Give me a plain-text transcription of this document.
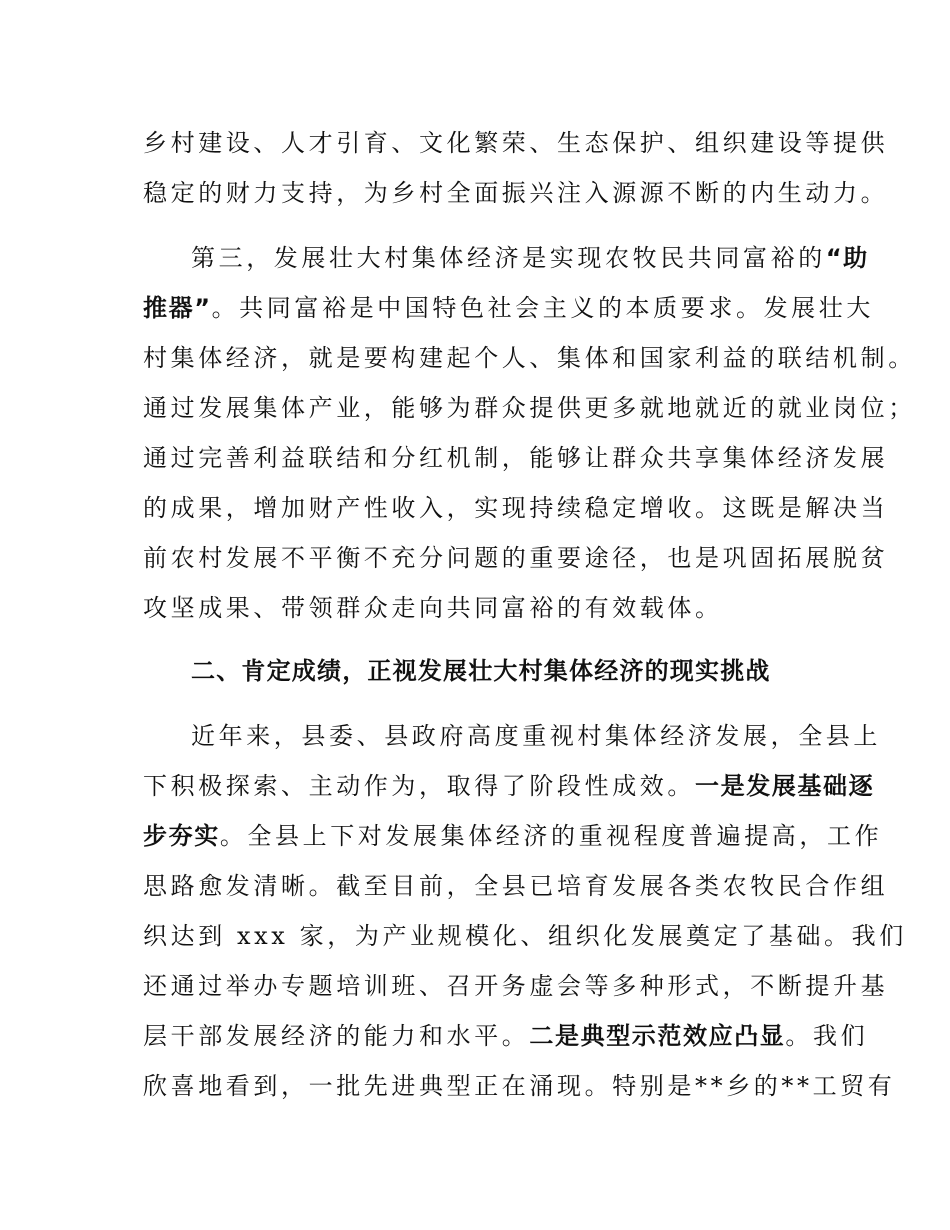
乡村建设、人才引育、文化繁荣、生态保护、组织建设等提供
稳定的财力支持，为乡村全面振兴注入源源不断的内生动力。
第三，发展壮大村集体经济是实现农牧民共同富裕的“助
推器”。共同富裕是中国特色社会主义的本质要求。发展壮大
村集体经济，就是要构建起个人、集体和国家利益的联结机制。
通过发展集体产业，能够为群众提供更多就地就近的就业岗位；
通过完善利益联结和分红机制，能够让群众共享集体经济发展
的成果，增加财产性收入，实现持续稳定增收。这既是解决当
前农村发展不平衡不充分问题的重要途径，也是巩固拓展脱贫
攻坚成果、带领群众走向共同富裕的有效载体。
二、肯定成绩，正视发展壮大村集体经济的现实挑战
近年来，县委、县政府高度重视村集体经济发展，全县上
下积极探索、主动作为，取得了阶段性成效。一是发展基础逐
步夯实。全县上下对发展集体经济的重视程度普遍提高，工作
思路愈发清晰。截至目前，全县已培育发展各类农牧民合作组
织达到 xxx 家，为产业规模化、组织化发展奠定了基础。我们
还通过举办专题培训班、召开务虚会等多种形式，不断提升基
层干部发展经济的能力和水平。二是典型示范效应凸显。我们
欣喜地看到，一批先进典型正在涌现。特别是**乡的**工贸有
